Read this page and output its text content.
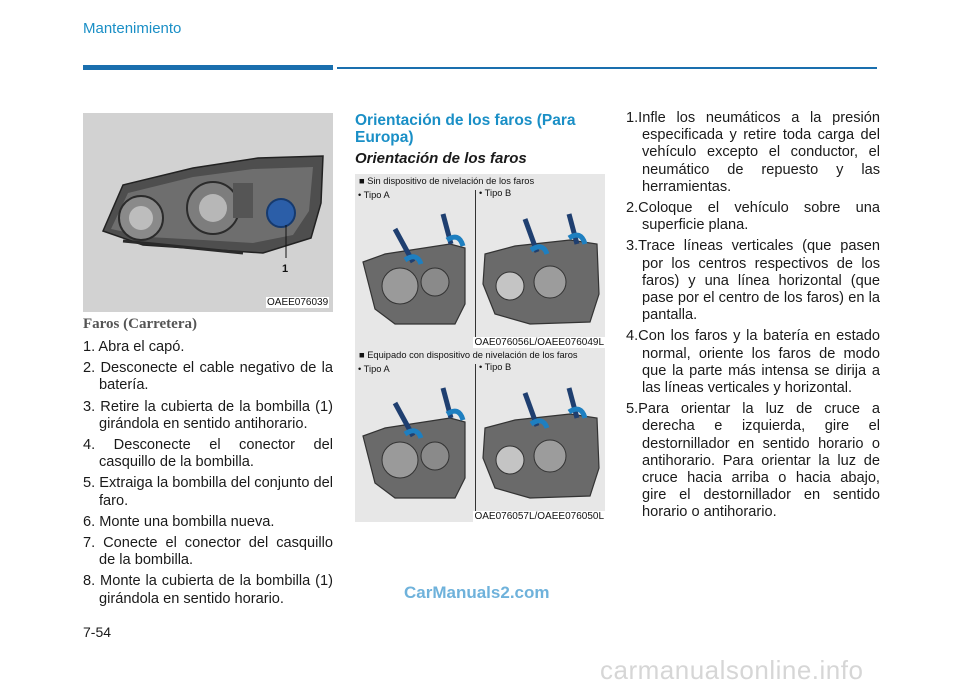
Mantenimiento
1
OAEE076039
Faros (Carretera)
1. Abra el capó.
2. Desconecte el cable negativo de la batería.
3. Retire la cubierta de la bombilla (1) girándola en sentido antihorario.
4. Desconecte el conector del casquillo de la bombilla.
5. Extraiga la bombilla del conjunto del faro.
6. Monte una bombilla nueva.
7. Conecte el conector del casquillo de la bombilla.
8. Monte la cubierta de la bombilla (1) girándola en sentido horario.
Orientación de los faros (Para Europa)
Orientación de los faros
■ Sin dispositivo de nivelación de los faros
• Tipo A	• Tipo B
OAE076056L/OAEE076049L
■ Equipado con dispositivo de nivelación de los faros
• Tipo A	• Tipo B
OAE076057L/OAEE076050L
1.Infle los neumáticos a la presión especificada y retire toda carga del vehículo excepto el conductor, el neumático de repuesto y las herramientas.
2.Coloque el vehículo sobre una superficie plana.
3.Trace líneas verticales (que pasen por los centros respectivos de los faros) y una línea horizontal (que pase por el centro de los faros) en la pantalla.
4.Con los faros y la batería en estado normal, oriente los faros de modo que la parte más intensa se dirija a las líneas verticales y horizontal.
5.Para orientar la luz de cruce a derecha e izquierda, gire el destornillador en sentido horario o antihorario. Para orientar la luz de cruce hacia arriba o hacia abajo, gire el destornillador en sentido horario o antihorario.
7-54
CarManuals2.com
carmanualsonline.info
